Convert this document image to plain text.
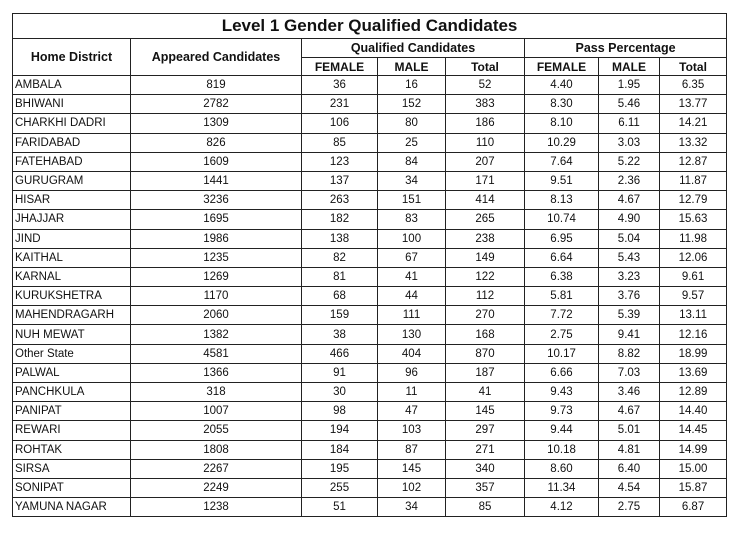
Level 1 Gender Qualified Candidates							
Home District	Appeared Candidates	Qualified Candidates			Pass Percentage		
		FEMALE	MALE	Total	FEMALE	MALE	Total
AMBALA	819	36	16	52	4.40	1.95	6.35
BHIWANI	2782	231	152	383	8.30	5.46	13.77
CHARKHI DADRI	1309	106	80	186	8.10	6.11	14.21
FARIDABAD	826	85	25	110	10.29	3.03	13.32
FATEHABAD	1609	123	84	207	7.64	5.22	12.87
GURUGRAM	1441	137	34	171	9.51	2.36	11.87
HISAR	3236	263	151	414	8.13	4.67	12.79
JHAJJAR	1695	182	83	265	10.74	4.90	15.63
JIND	1986	138	100	238	6.95	5.04	11.98
KAITHAL	1235	82	67	149	6.64	5.43	12.06
KARNAL	1269	81	41	122	6.38	3.23	9.61
KURUKSHETRA	1170	68	44	112	5.81	3.76	9.57
MAHENDRAGARH	2060	159	111	270	7.72	5.39	13.11
NUH MEWAT	1382	38	130	168	2.75	9.41	12.16
Other State	4581	466	404	870	10.17	8.82	18.99
PALWAL	1366	91	96	187	6.66	7.03	13.69
PANCHKULA	318	30	11	41	9.43	3.46	12.89
PANIPAT	1007	98	47	145	9.73	4.67	14.40
REWARI	2055	194	103	297	9.44	5.01	14.45
ROHTAK	1808	184	87	271	10.18	4.81	14.99
SIRSA	2267	195	145	340	8.60	6.40	15.00
SONIPAT	2249	255	102	357	11.34	4.54	15.87
YAMUNA NAGAR	1238	51	34	85	4.12	2.75	6.87
